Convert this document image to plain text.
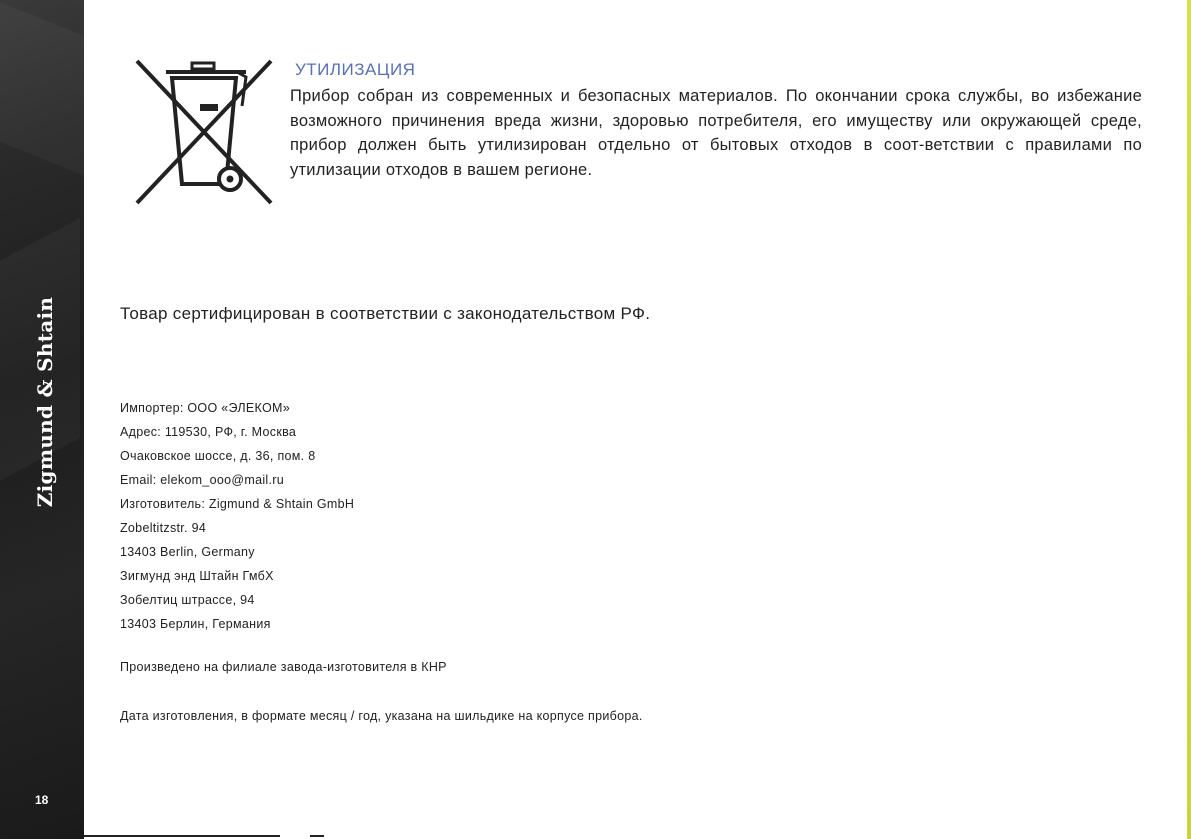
Zigmund & Shtain
18
УТИЛИЗАЦИЯ

Прибор собран из современных и безопасных материалов. По окончании срока службы, во избежание возможного причинения вреда жизни, здоровью потребителя, его имуществу или окружающей среде, прибор должен быть утилизирован отдельно от бытовых отходов в соот-ветствии с правилами по утилизации отходов в вашем регионе.

Товар сертифицирован в соответствии с законодательством РФ.

Импортер: ООО «ЭЛЕКОМ»
Адрес: 119530, РФ, г. Москва
Очаковское шоссе, д. 36, пом. 8
Email: elekom_ooo@mail.ru
Изготовитель: Zigmund & Shtain GmbH
Zobeltitzstr. 94
13403 Berlin, Germany
Зигмунд энд Штайн ГмбХ
Зобелтиц штрассе, 94
13403 Берлин, Германия

Произведено на филиале завода-изготовителя в КНР

Дата изготовления, в формате месяц / год, указана на шильдике на корпусе прибора.
